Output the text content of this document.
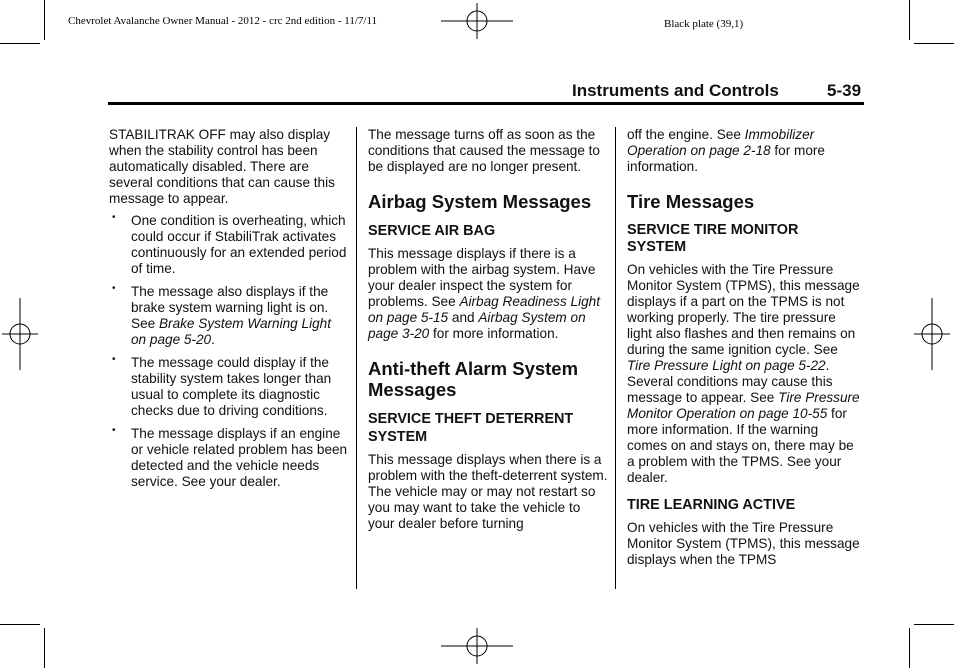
Chevrolet Avalanche Owner Manual - 2012 - crc 2nd edition - 11/7/11	Black plate (39,1)
Instruments and Controls	5-39

STABILITRAK OFF may also display when the stability control has been automatically disabled. There are several conditions that can cause this message to appear.

• One condition is overheating, which could occur if StabiliTrak activates continuously for an extended period of time.
• The message also displays if the brake system warning light is on. See Brake System Warning Light on page 5-20.
• The message could display if the stability system takes longer than usual to complete its diagnostic checks due to driving conditions.
• The message displays if an engine or vehicle related problem has been detected and the vehicle needs service. See your dealer.

The message turns off as soon as the conditions that caused the message to be displayed are no longer present.

Airbag System Messages
SERVICE AIR BAG

This message displays if there is a problem with the airbag system. Have your dealer inspect the system for problems. See Airbag Readiness Light on page 5-15 and Airbag System on page 3-20 for more information.

Anti-theft Alarm System Messages
SERVICE THEFT DETERRENT SYSTEM

This message displays when there is a problem with the theft-deterrent system. The vehicle may or may not restart so you may want to take the vehicle to your dealer before turning

off the engine. See Immobilizer Operation on page 2-18 for more information.

Tire Messages
SERVICE TIRE MONITOR SYSTEM

On vehicles with the Tire Pressure Monitor System (TPMS), this message displays if a part on the TPMS is not working properly. The tire pressure light also flashes and then remains on during the same ignition cycle. See Tire Pressure Light on page 5-22. Several conditions may cause this message to appear. See Tire Pressure Monitor Operation on page 10-55 for more information. If the warning comes on and stays on, there may be a problem with the TPMS. See your dealer.

TIRE LEARNING ACTIVE

On vehicles with the Tire Pressure Monitor System (TPMS), this message displays when the TPMS
